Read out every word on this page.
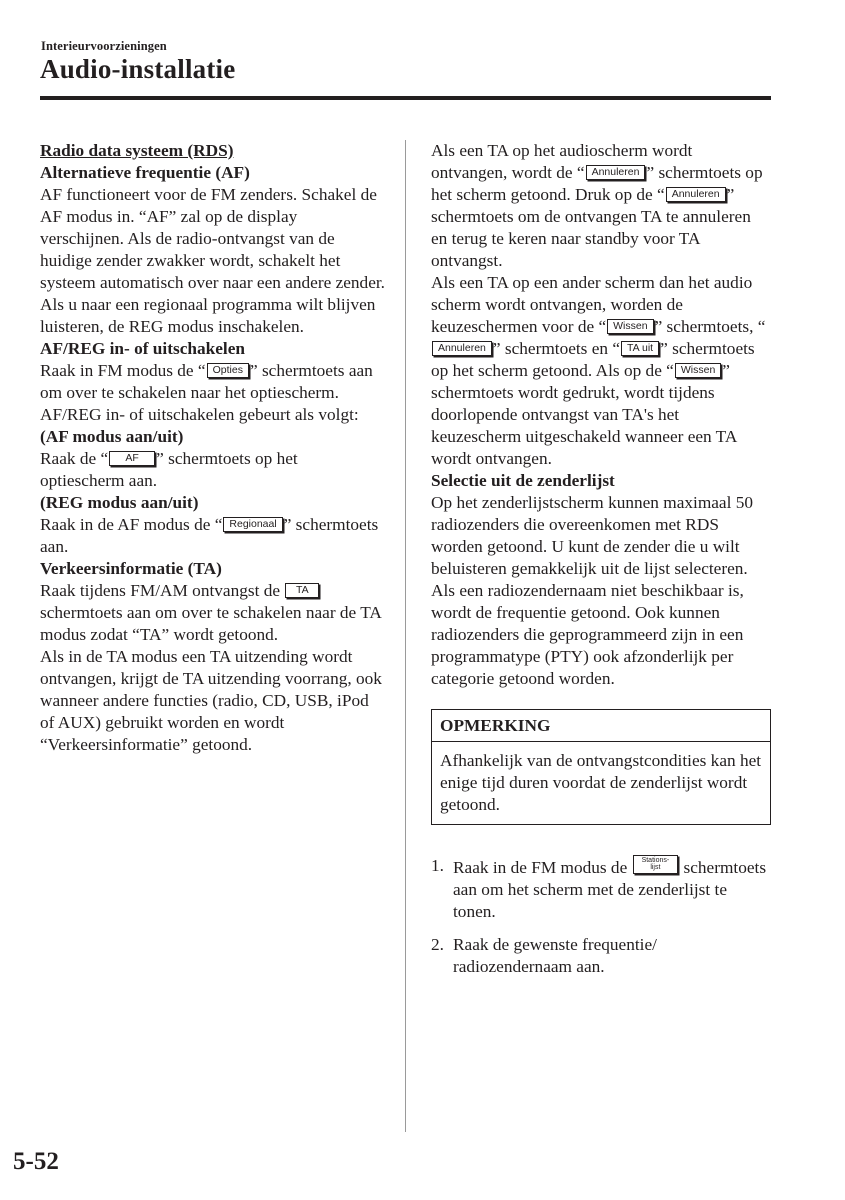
Interieurvoorzieningen
Audio-installatie

Radio data systeem (RDS)

Alternatieve frequentie (AF)

AF functioneert voor de FM zenders. Schakel de AF modus in. “AF” zal op de display verschijnen. Als de radio-ontvangst van de huidige zender zwakker wordt, schakelt het systeem automatisch over naar een andere zender.

Als u naar een regionaal programma wilt blijven luisteren, de REG modus inschakelen.

AF/REG in- of uitschakelen

Raak in FM modus de “ Opties ” schermtoets aan om over te schakelen naar het optiescherm. AF/REG in- of uitschakelen gebeurt als volgt:

(AF modus aan/uit)

Raak de “ AF ” schermtoets op het optiescherm aan.

(REG modus aan/uit)

Raak in de AF modus de “ Regionaal ” schermtoets aan.

Verkeersinformatie (TA)

Raak tijdens FM/AM ontvangst de TA schermtoets aan om over te schakelen naar de TA modus zodat “TA” wordt getoond.

Als in de TA modus een TA uitzending wordt ontvangen, krijgt de TA uitzending voorrang, ook wanneer andere functies (radio, CD, USB, iPod of AUX) gebruikt worden en wordt “Verkeersinformatie” getoond.

Als een TA op het audioscherm wordt ontvangen, wordt de “ Annuleren ” schermtoets op het scherm getoond. Druk op de “ Annuleren ” schermtoets om de ontvangen TA te annuleren en terug te keren naar standby voor TA ontvangst.

Als een TA op een ander scherm dan het audio scherm wordt ontvangen, worden de keuzeschermen voor de “ Wissen ” schermtoets, “Annuleren ” schermtoets en “ TA uit ” schermtoets op het scherm getoond. Als op de “ Wissen ” schermtoets wordt gedrukt, wordt tijdens doorlopende ontvangst van TA's het keuzescherm uitgeschakeld wanneer een TA wordt ontvangen.

Selectie uit de zenderlijst

Op het zenderlijstscherm kunnen maximaal 50 radiozenders die overeenkomen met RDS worden getoond. U kunt de zender die u wilt beluisteren gemakkelijk uit de lijst selecteren. Als een radiozendernaam niet beschikbaar is, wordt de frequentie getoond. Ook kunnen radiozenders die geprogrammeerd zijn in een programmatype (PTY) ook afzonderlijk per categorie getoond worden.

OPMERKING
Afhankelijk van de ontvangstcondities kan het enige tijd duren voordat de zenderlijst wordt getoond.
1. Raak in de FM modus de Stations-
lijst schermtoets aan om het scherm met de zenderlijst te tonen.
2. Raak de gewenste frequentie/ radiozendernaam aan.
5-52
